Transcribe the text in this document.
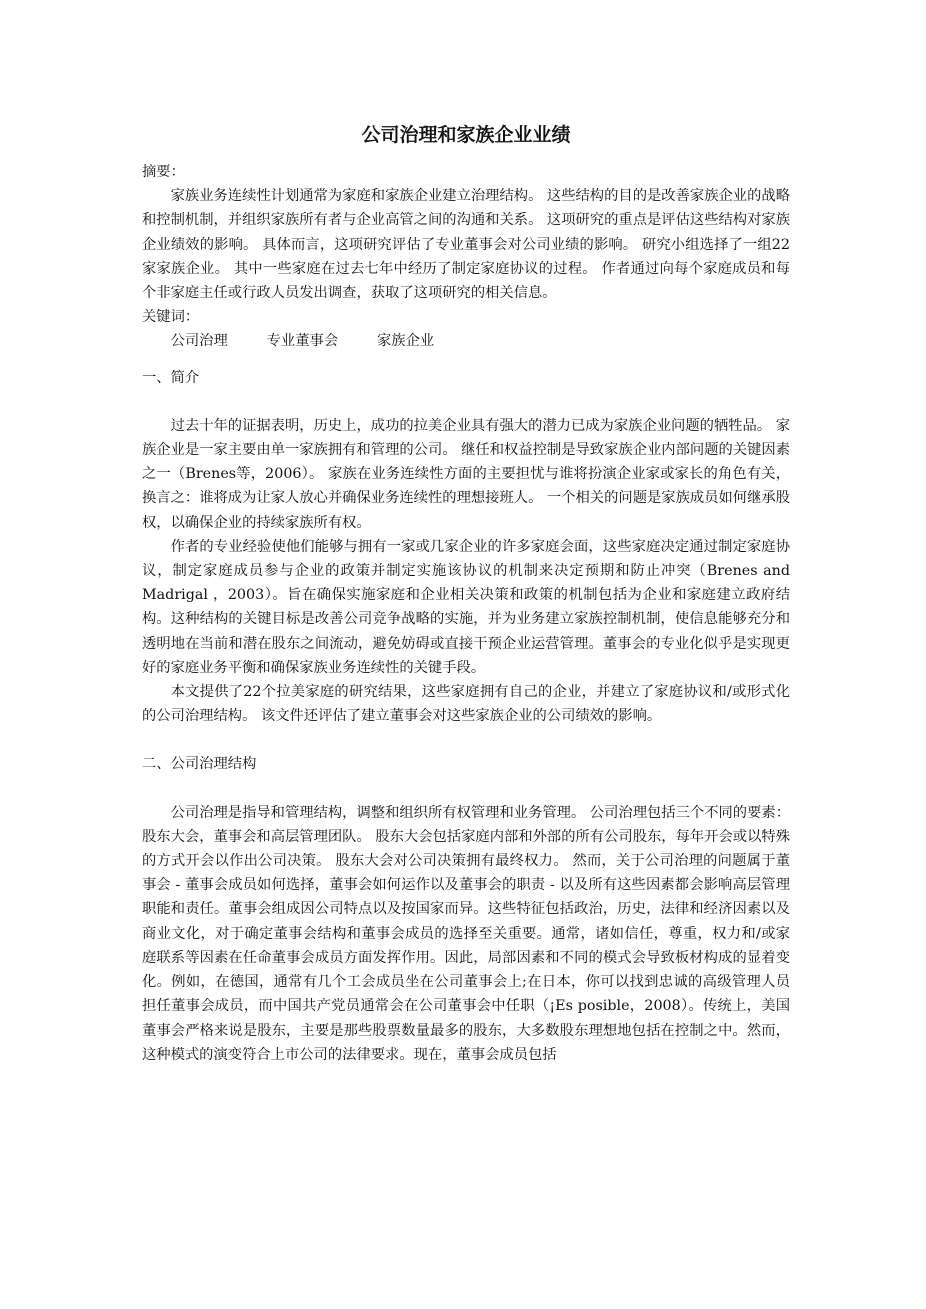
公司治理和家族企业业绩

摘要：

家族业务连续性计划通常为家庭和家族企业建立治理结构。 这些结构的目的是改善家族企业的战略和控制机制，并组织家族所有者与企业高管之间的沟通和关系。 这项研究的重点是评估这些结构对家族企业绩效的影响。 具体而言，这项研究评估了专业董事会对公司业绩的影响。 研究小组选择了一组22家家族企业。 其中一些家庭在过去七年中经历了制定家庭协议的过程。 作者通过向每个家庭成员和每个非家庭主任或行政人员发出调查，获取了这项研究的相关信息。

关键词：

公司治理	专业董事会	家族企业

一、简介

过去十年的证据表明，历史上，成功的拉美企业具有强大的潜力已成为家族企业问题的牺牲品。 家族企业是一家主要由单一家族拥有和管理的公司。 继任和权益控制是导致家族企业内部问题的关键因素之一（Brenes等，2006）。 家族在业务连续性方面的主要担忧与谁将扮演企业家或家长的角色有关，换言之：谁将成为让家人放心并确保业务连续性的理想接班人。 一个相关的问题是家族成员如何继承股权，以确保企业的持续家族所有权。

作者的专业经验使他们能够与拥有一家或几家企业的许多家庭会面，这些家庭决定通过制定家庭协议，制定家庭成员参与企业的政策并制定实施该协议的机制来决定预期和防止冲突（Brenes and Madrigal ，2003）。旨在确保实施家庭和企业相关决策和政策的机制包括为企业和家庭建立政府结构。这种结构的关键目标是改善公司竞争战略的实施，并为业务建立家族控制机制，使信息能够充分和透明地在当前和潜在股东之间流动，避免妨碍或直接干预企业运营管理。董事会的专业化似乎是实现更好的家庭业务平衡和确保家族业务连续性的关键手段。

本文提供了22个拉美家庭的研究结果，这些家庭拥有自己的企业，并建立了家庭协议和/或形式化的公司治理结构。 该文件还评估了建立董事会对这些家族企业的公司绩效的影响。

二、公司治理结构

公司治理是指导和管理结构，调整和组织所有权管理和业务管理。 公司治理包括三个不同的要素：股东大会，董事会和高层管理团队。 股东大会包括家庭内部和外部的所有公司股东，每年开会或以特殊的方式开会以作出公司决策。 股东大会对公司决策拥有最终权力。 然而，关于公司治理的问题属于董事会 - 董事会成员如何选择，董事会如何运作以及董事会的职责 - 以及所有这些因素都会影响高层管理职能和责任。董事会组成因公司特点以及按国家而异。这些特征包括政治，历史，法律和经济因素以及商业文化，对于确定董事会结构和董事会成员的选择至关重要。通常，诸如信任，尊重，权力和/或家庭联系等因素在任命董事会成员方面发挥作用。因此，局部因素和不同的模式会导致板材构成的显着变化。例如，在德国，通常有几个工会成员坐在公司董事会上;在日本，你可以找到忠诚的高级管理人员担任董事会成员，而中国共产党员通常会在公司董事会中任职（¡Es posible，2008）。传统上，美国董事会严格来说是股东，主要是那些股票数量最多的股东，大多数股东理想地包括在控制之中。然而，这种模式的演变符合上市公司的法律要求。现在，董事会成员包括
